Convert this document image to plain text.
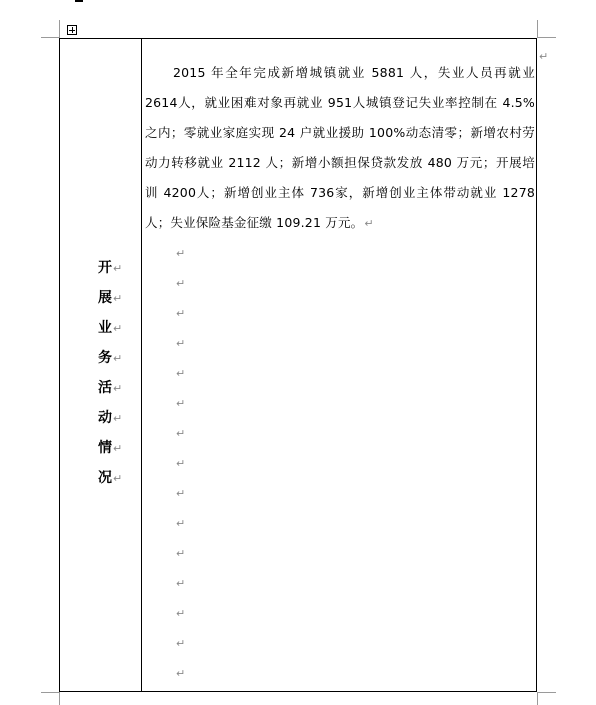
↵
开↵
展↵
业↵
务↵
活↵
动↵
情↵
况↵

2015 年全年完成新增城镇就业 5881 人，失业人员再就业 2614人，就业困难对象再就业 951人城镇登记失业率控制在 4.5%之内；零就业家庭实现 24 户就业援助 100%动态清零；新增农村劳动力转移就业 2112 人；新增小额担保贷款发放 480 万元；开展培训 4200人；新增创业主体 736家，新增创业主体带动就业 1278 人；失业保险基金征缴 109.21 万元。↵

↵
↵
↵
↵
↵
↵
↵
↵
↵
↵
↵
↵
↵
↵
↵
